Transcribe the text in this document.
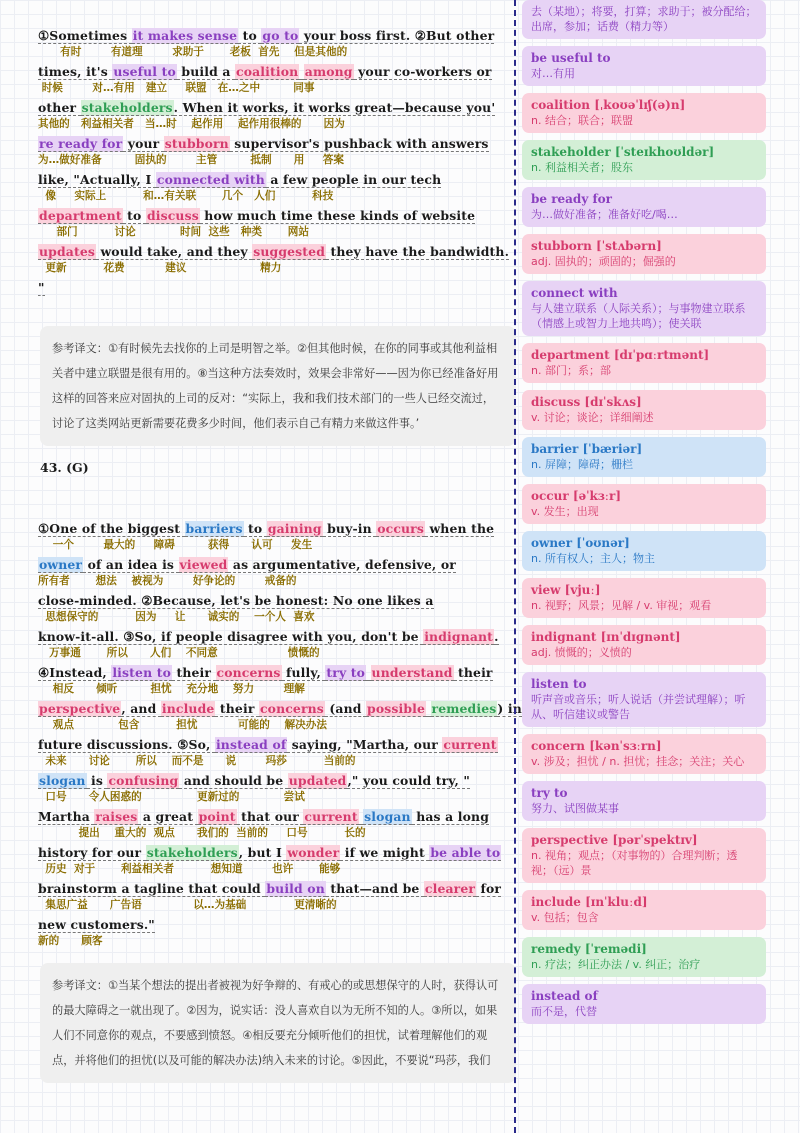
①Sometimes it makes sense to go to your boss first. ②But other
有时        有道理        求助于       老板  首先    但是其他的
times, it's useful to build a coalition among your co-workers or
时候        对…有用   建立     联盟   在…之中         同事
other stakeholders. When it works, it works great—because you'
其他的   利益相关者   当…时    起作用    起作用很棒的      因为
re ready for your stubborn supervisor's pushback with answers
为…做好准备         固执的        主管         抵制      用     答案
like, "Actually, I connected with a few people in our tech
像     实际上          和…有关联       几个   人们          科技
department to discuss how much time these kinds of website
部门          讨论            时间  这些   种类       网站
updates would take, and they suggested they have the bandwidth.
更新          花费           建议                    精力
"
参考译文：①有时候先去找你的上司是明智之举。②但其他时候，在你的同事或其他利益相关者中建立联盟是很有用的。⑧当这种方法奏效时，效果会非常好——因为你已经准备好用这样的回答来应对固执的上司的反对：“实际上，我和我们技术部门的一些人已经交流过，讨论了这类网站更新需要花费多少时间，他们表示自己有精力来做这件事。’
43. (G)
①One of the biggest barriers to gaining buy-in occurs when the
一个        最大的     障碍         获得      认可     发生
owner of an idea is viewed as argumentative, defensive, or
所有者       想法    被视为        好争论的        戒备的
close-minded. ②Because, let's be honest: No one likes a
思想保守的          因为     让      诚实的    一个人  喜欢
know-it-all. ③So, if people disagree with you, don't be indignant.
万事通       所以      人们    不同意                   愤慨的
④Instead, listen to their concerns fully, try to understand their
相反      倾听         担忧    充分地    努力        理解
perspective, and include their concerns (and possible remedies) in
观点            包含          担忧           可能的    解决办法
future discussions. ⑤So, instead of saying, "Martha, our current
未来      讨论       所以    而不是      说        玛莎          当前的
slogan is confusing and should be updated," you could try, "
口号      令人困惑的               更新过的            尝试
Martha raises a great point that our current slogan has a long
提出    重大的  观点      我们的  当前的     口号          长的
history for our stakeholders, but I wonder if we might be able to
历史  对于       利益相关者          想知道        也许       能够
brainstorm a tagline that could build on that—and be clearer for
集思广益      广告语              以…为基础             更清晰的
new customers."
新的      顾客
参考译文：①当某个想法的提出者被视为好争辩的、有戒心的或思想保守的人时，获得认可的最大障碍之一就出现了。②因为，说实话：没人喜欢自以为无所不知的人。③所以，如果人们不同意你的观点，不要感到愤怒。④相反要充分倾听他们的担忧，试着理解他们的观点，并将他们的担忧(以及可能的解决办法)纳入未来的讨论。⑤因此，不要说“玛莎，我们
去（某地）；将要，打算；求助于；被分配给；出席，参加；话费（精力等）
be useful to
对…有用
coalition [ˌkoʊəˈlɪʃ(ə)n]
n. 结合；联合；联盟
stakeholder [ˈsteɪkhoʊldər]
n. 利益相关者；股东
be ready for
为…做好准备；准备好吃/喝…
stubborn [ˈstʌbərn]
adj. 固执的；顽固的；倔强的
connect with
与人建立联系（人际关系）；与事物建立联系（情感上或智力上地共鸣）；使关联
department [dɪˈpɑːrtmənt]
n. 部门；系；部
discuss [dɪˈskʌs]
v. 讨论；谈论；详细阐述
barrier [ˈbæriər]
n. 屏障；障碍；栅栏
occur [əˈkɜːr]
v. 发生；出现
owner [ˈoʊnər]
n. 所有权人；主人；物主
view [vjuː]
n. 视野；风景；见解 / v. 审视；观看
indignant [ɪnˈdɪɡnənt]
adj. 愤慨的；义愤的
listen to
听声音或音乐；听人说话（并尝试理解）；听从、听信建议或警告
concern [kənˈsɜːrn]
v. 涉及；担忧 / n. 担忧；挂念；关注；关心
try to
努力、试图做某事
perspective [pərˈspektɪv]
n. 视角；观点；（对事物的）合理判断；透视；（远）景
include [ɪnˈkluːd]
v. 包括；包含
remedy [ˈremədi]
n. 疗法；纠正办法 / v. 纠正；治疗
instead of
而不是，代替
